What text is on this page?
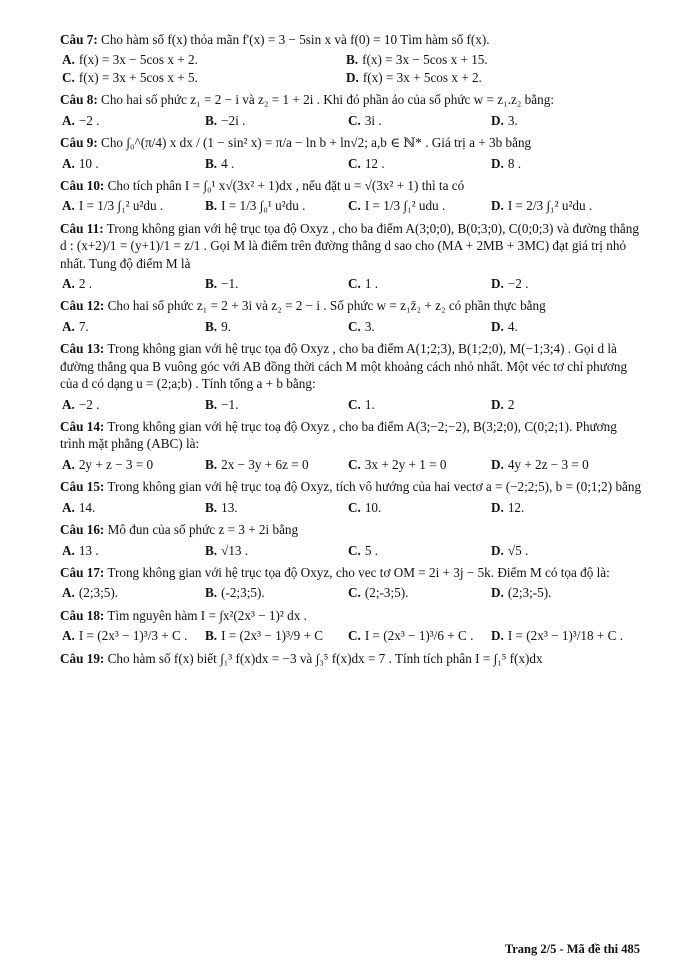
Câu 7: Cho hàm số f(x) thỏa mãn f'(x) = 3 − 5sin x và f(0) = 10 Tìm hàm số f(x).
A. f(x) = 3x − 5cos x + 2.	B. f(x) = 3x − 5cos x + 15.
C. f(x) = 3x + 5cos x + 5.	D. f(x) = 3x + 5cos x + 2.
Câu 8: Cho hai số phức z₁ = 2 − i và z₂ = 1 + 2i . Khi đó phần ảo của số phức w = z₁.z₂ bằng:
A. −2 .	B. −2i .	C. 3i .	D. 3.
Câu 9: Cho ∫₀^(π/4) x dx / (1 − sin² x) = π/a − ln b + ln√2; a,b ∈ ℕ* . Giá trị a + 3b bằng
A. 10 .	B. 4 .	C. 12 .	D. 8 .
Câu 10: Cho tích phân I = ∫₀¹ x√(3x² + 1)dx , nếu đặt u = √(3x² + 1) thì ta có
A. I = 1/3 ∫₁² u²du .	B. I = 1/3 ∫₀¹ u²du .	C. I = 1/3 ∫₁² udu .	D. I = 2/3 ∫₁² u²du .
Câu 11: Trong không gian với hệ trục tọa độ Oxyz , cho ba điểm A(3;0;0), B(0;3;0), C(0;0;3) và đường thẳng d : (x+2)/1 = (y+1)/1 = z/1 . Gọi M là điểm trên đường thẳng d sao cho (MA + 2MB + 3MC) đạt giá trị nhỏ nhất. Tung độ điểm M là
A. 2 .	B. −1.	C. 1 .	D. −2 .
Câu 12: Cho hai số phức z₁ = 2 + 3i và z₂ = 2 − i . Số phức w = z₁z̄₂ + z₂ có phần thực bằng
A. 7.	B. 9.	C. 3.	D. 4.
Câu 13: Trong không gian với hệ trục tọa độ Oxyz , cho ba điểm A(1;2;3), B(1;2;0), M(−1;3;4) . Gọi d là đường thẳng qua B vuông góc với AB đồng thời cách M một khoảng cách nhỏ nhất. Một véc tơ chỉ phương của d có dạng u = (2;a;b) . Tính tổng a + b bằng:
A. −2 .	B. −1.	C. 1.	D. 2
Câu 14: Trong không gian với hệ trục toạ độ Oxyz , cho ba điểm A(3;−2;−2), B(3;2;0), C(0;2;1). Phương trình mặt phẳng (ABC) là:
A. 2y + z − 3 = 0	B. 2x − 3y + 6z = 0	C. 3x + 2y + 1 = 0	D. 4y + 2z − 3 = 0
Câu 15: Trong không gian với hệ trục toạ độ Oxyz, tích vô hướng của hai vectơ a = (−2;2;5), b = (0;1;2) bằng
A. 14.	B. 13.	C. 10.	D. 12.
Câu 16: Mô đun của số phức z = 3 + 2i bằng
A. 13 .	B. √13 .	C. 5 .	D. √5 .
Câu 17: Trong không gian với hệ trục tọa độ Oxyz, cho vec tơ OM = 2i + 3j − 5k. Điểm M có tọa độ là:
A. (2;3;5).	B. (-2;3;5).	C. (2;-3;5).	D. (2;3;-5).
Câu 18: Tìm nguyên hàm I = ∫x²(2x³ − 1)² dx .
A. I = (2x³ − 1)³/3 + C .	B. I = (2x³ − 1)³/9 + C	C. I = (2x³ − 1)³/6 + C .	D. I = (2x³ − 1)³/18 + C .
Câu 19: Cho hàm số f(x) biết ∫₁³ f(x)dx = −3 và ∫₃⁵ f(x)dx = 7 . Tính tích phân I = ∫₁⁵ f(x)dx
Trang 2/5 - Mã đề thi 485
